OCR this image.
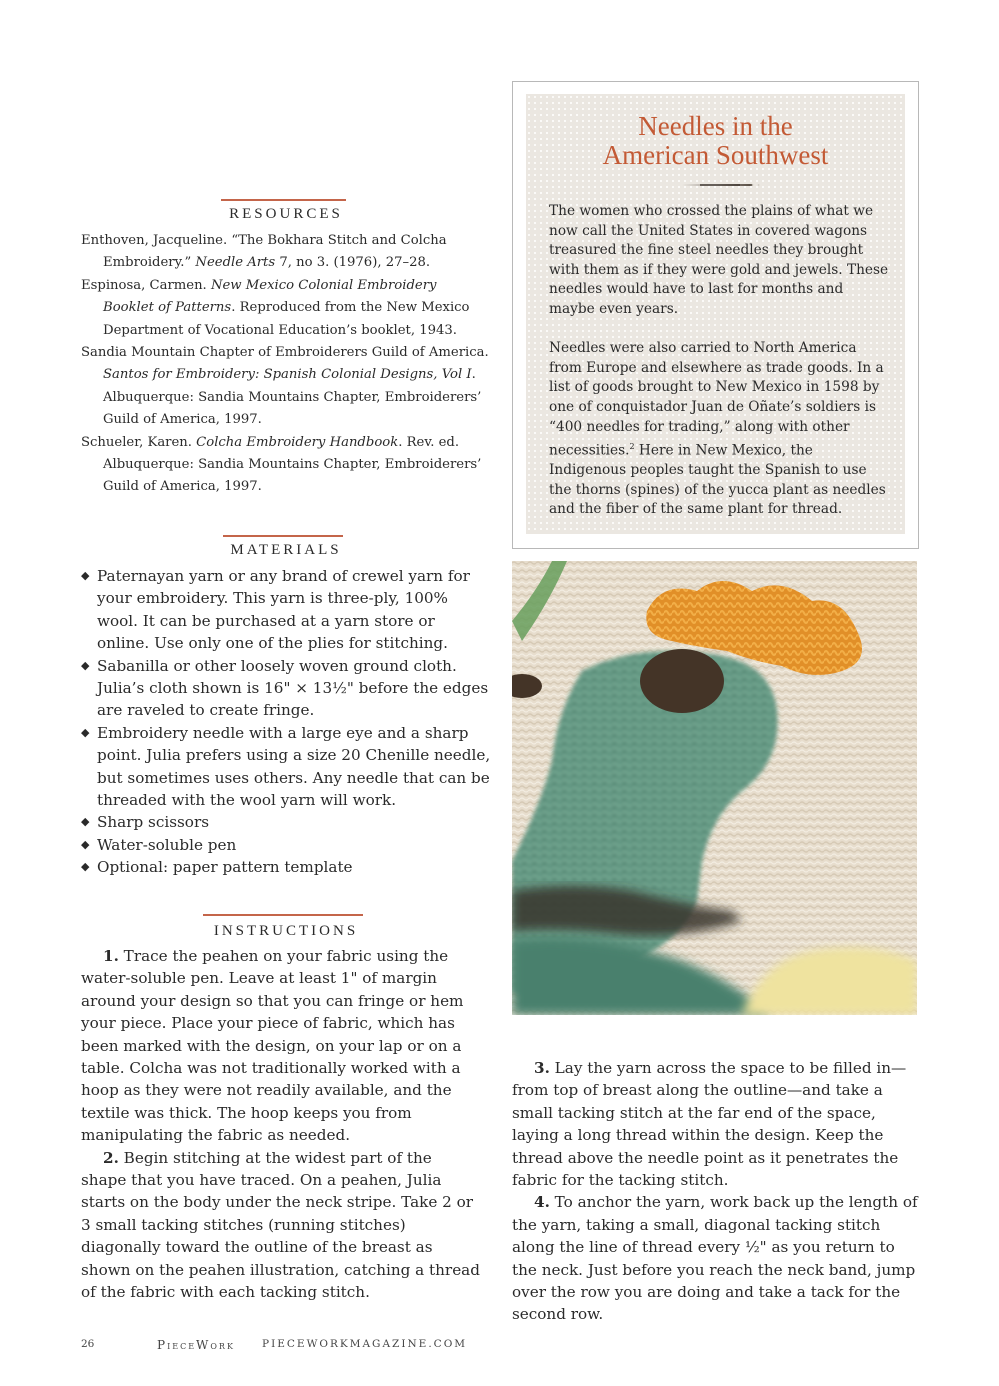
RESOURCES

Enthoven, Jacqueline. “The Bokhara Stitch and Colcha Embroidery.” Needle Arts 7, no 3. (1976), 27–28.

Espinosa, Carmen. New Mexico Colonial Embroidery Booklet of Patterns. Reproduced from the New Mexico Department of Vocational Education’s booklet, 1943.

Sandia Mountain Chapter of Embroiderers Guild of America. Santos for Embroidery: Spanish Colonial Designs, Vol I. Albuquerque: Sandia Mountains Chapter, Embroiderers’ Guild of America, 1997.

Schueler, Karen. Colcha Embroidery Handbook. Rev. ed. Albuquerque: Sandia Mountains Chapter, Embroiderers’ Guild of America, 1997.

MATERIALS
◆ Paternayan yarn or any brand of crewel yarn for your embroidery. This yarn is three-ply, 100% wool. It can be purchased at a yarn store or online. Use only one of the plies for stitching.
◆ Sabanilla or other loosely woven ground cloth. Julia’s cloth shown is 16" × 13½" before the edges are raveled to create fringe.
◆ Embroidery needle with a large eye and a sharp point. Julia prefers using a size 20 Chenille needle, but sometimes uses others. Any needle that can be threaded with the wool yarn will work.
◆ Sharp scissors
◆ Water-soluble pen
◆ Optional: paper pattern template
INSTRUCTIONS

1. Trace the peahen on your fabric using the water-soluble pen. Leave at least 1" of margin around your design so that you can fringe or hem your piece. Place your piece of fabric, which has been marked with the design, on your lap or on a table. Colcha was not traditionally worked with a hoop as they were not readily available, and the textile was thick. The hoop keeps you from manipulating the fabric as needed.

2. Begin stitching at the widest part of the shape that you have traced. On a peahen, Julia starts on the body under the neck stripe. Take 2 or 3 small tacking stitches (running stitches) diagonally toward the outline of the breast as shown on the peahen illustration, catching a thread of the fabric with each tacking stitch.

3. Lay the yarn across the space to be filled in—from top of breast along the outline—and take a small tacking stitch at the far end of the space, laying a long thread within the design. Keep the thread above the needle point as it penetrates the fabric for the tacking stitch.

4. To anchor the yarn, work back up the length of the yarn, taking a small, diagonal tacking stitch along the line of thread every ½" as you return to the neck. Just before you reach the neck band, jump over the row you are doing and take a tack for the second row.

Needles in the
American Southwest

The women who crossed the plains of what we now call the United States in covered wagons treasured the fine steel needles they brought with them as if they were gold and jewels. These needles would have to last for months and maybe even years.

Needles were also carried to North America from Europe and elsewhere as trade goods. In a list of goods brought to New Mexico in 1598 by one of conquistador Juan de Oñate’s soldiers is “400 needles for trading,” along with other necessities.$^2$ Here in New Mexico, the Indigenous peoples taught the Spanish to use the thorns (spines) of the yucca plant as needles and the fiber of the same plant for thread.

26	PieceWork	PIECEWORKMAGAZINE.COM
